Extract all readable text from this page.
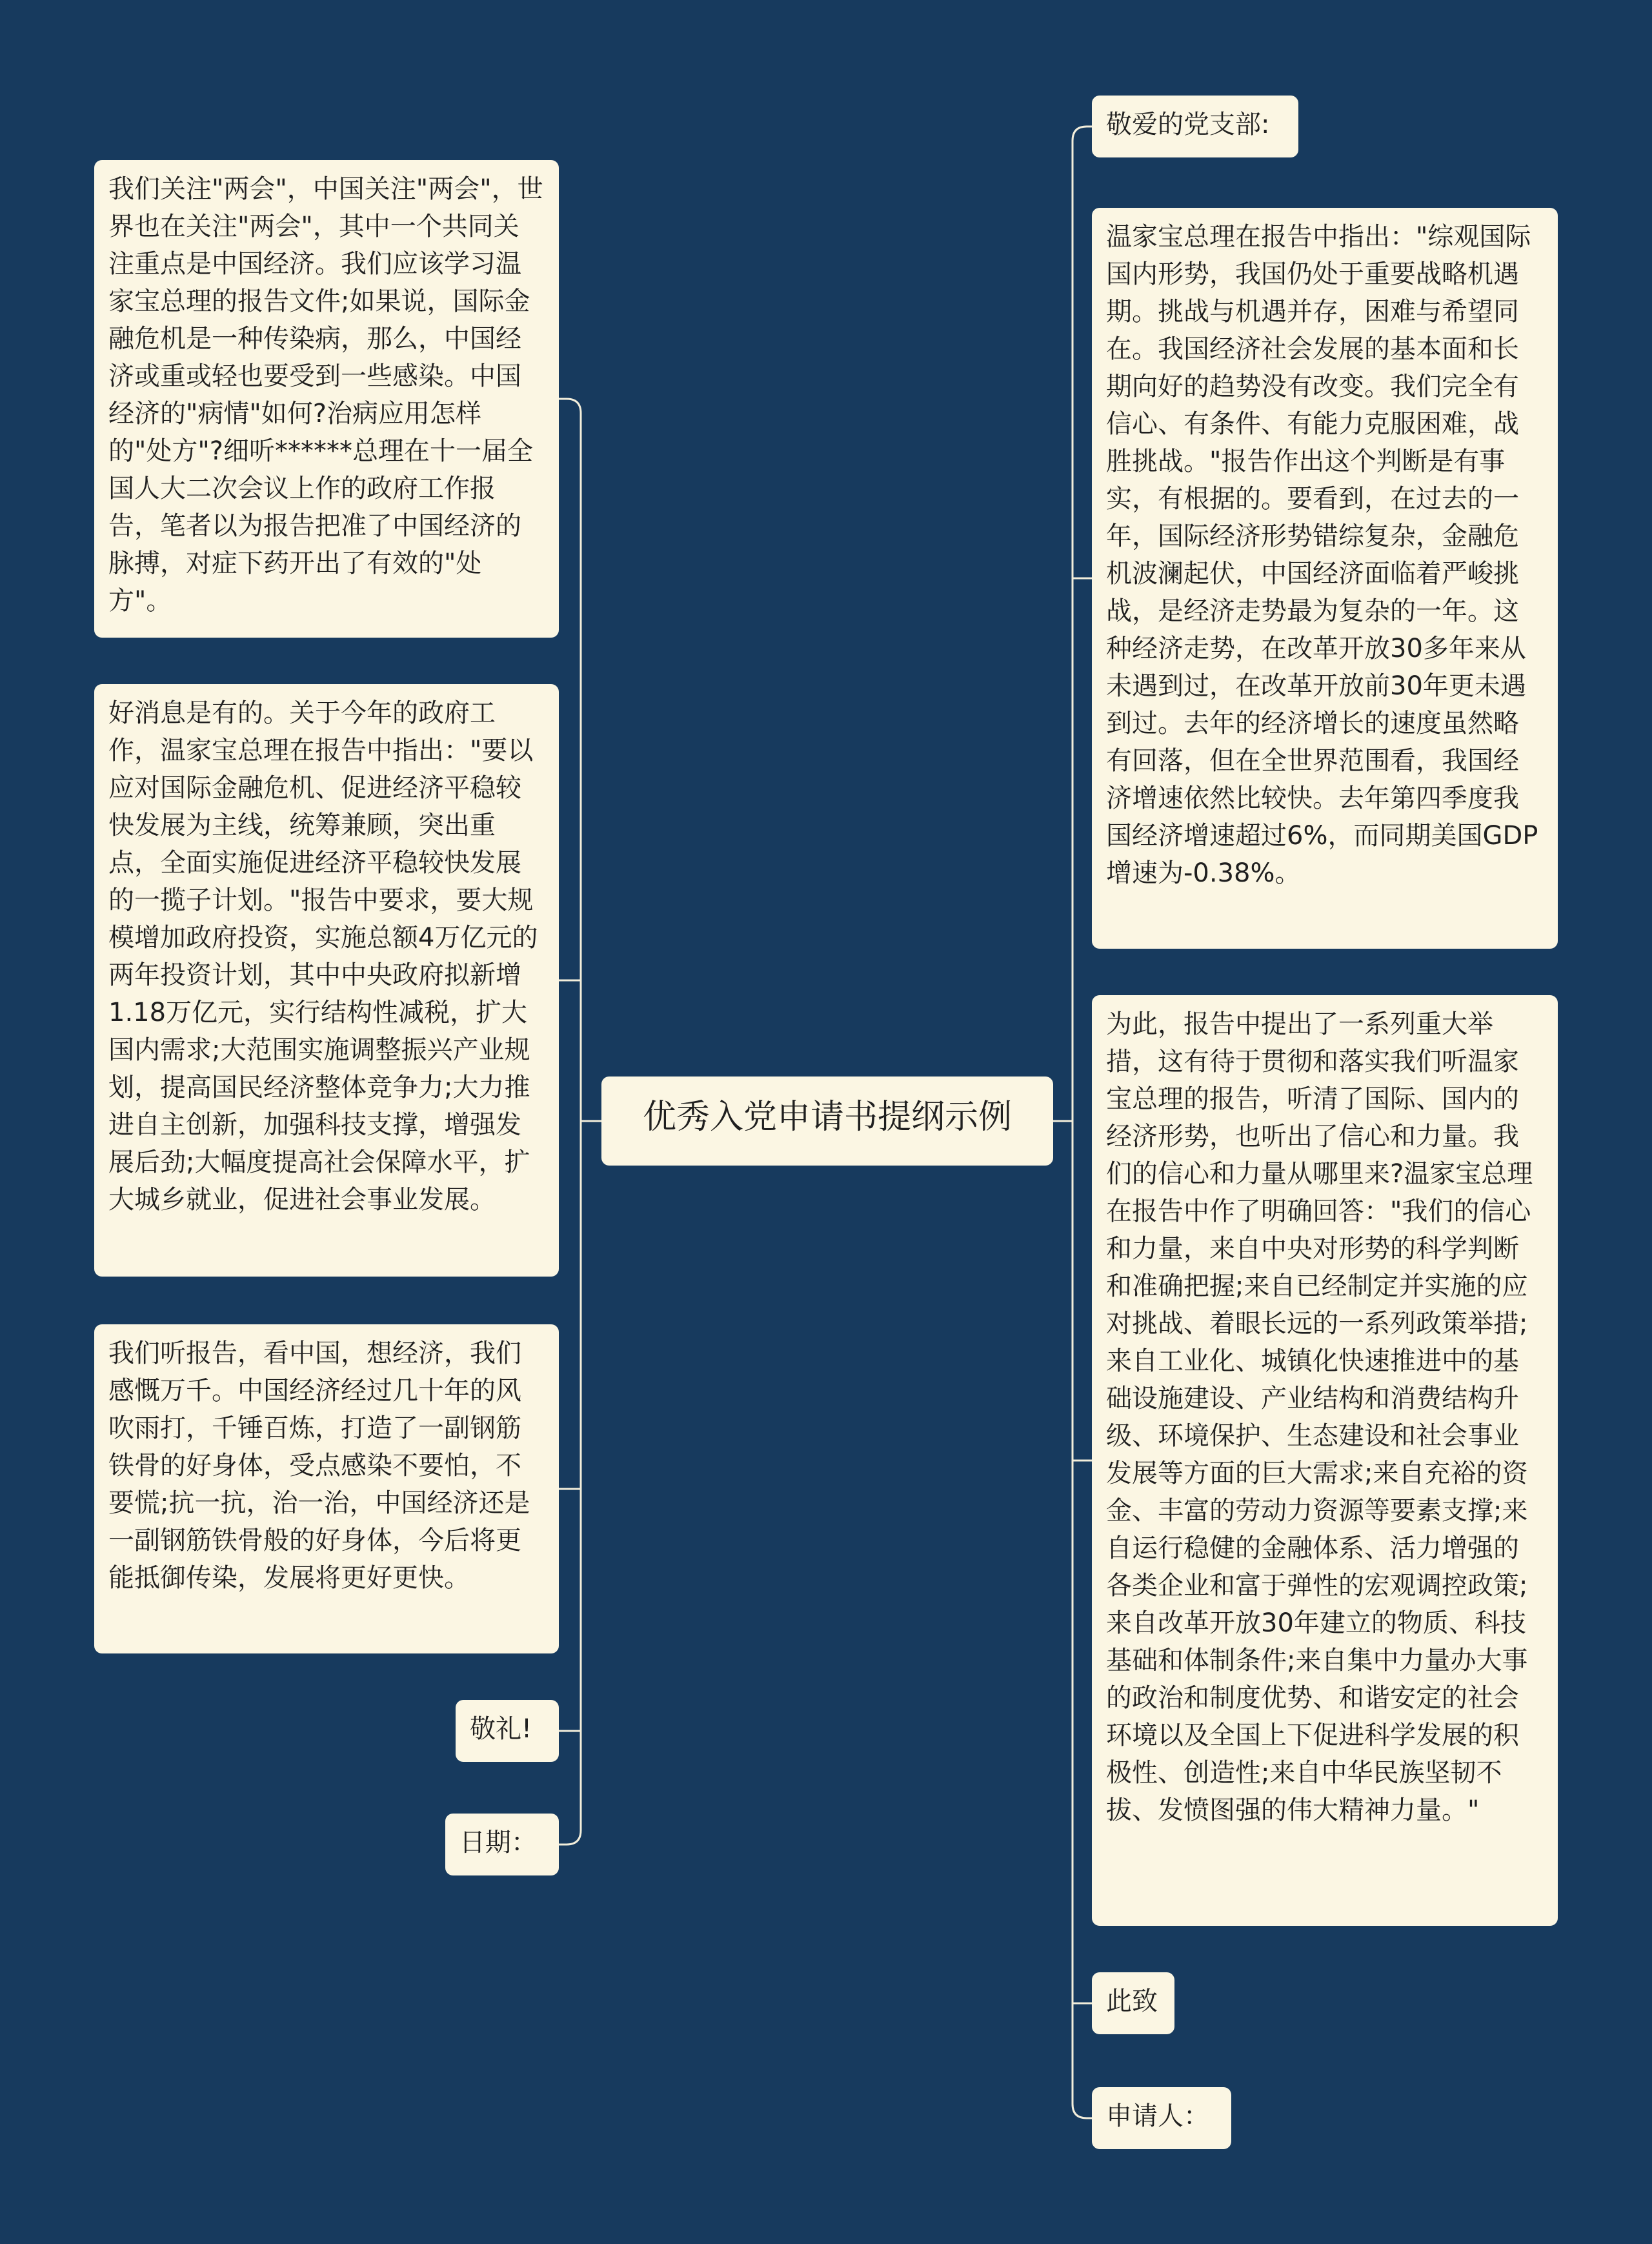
优秀入党申请书提纲示例
我们关注"两会"，中国关注"两会"，世界也在关注"两会"，其中一个共同关注重点是中国经济。我们应该学习温家宝总理的报告文件;如果说，国际金融危机是一种传染病，那么，中国经济或重或轻也要受到一些感染。中国经济的"病情"如何?治病应用怎样的"处方"?细听******总理在十一届全国人大二次会议上作的政府工作报告，笔者以为报告把准了中国经济的脉搏，对症下药开出了有效的"处方"。
好消息是有的。关于今年的政府工作，温家宝总理在报告中指出："要以应对国际金融危机、促进经济平稳较快发展为主线，统筹兼顾，突出重点，全面实施促进经济平稳较快发展的一揽子计划。"报告中要求，要大规模增加政府投资，实施总额4万亿元的两年投资计划，其中中央政府拟新增1.18万亿元，实行结构性减税，扩大国内需求;大范围实施调整振兴产业规划，提高国民经济整体竞争力;大力推进自主创新，加强科技支撑，增强发展后劲;大幅度提高社会保障水平，扩大城乡就业，促进社会事业发展。
我们听报告，看中国，想经济，我们感慨万千。中国经济经过几十年的风吹雨打，千锤百炼，打造了一副钢筋铁骨的好身体，受点感染不要怕，不要慌;抗一抗，治一治，中国经济还是一副钢筋铁骨般的好身体，今后将更能抵御传染，发展将更好更快。
敬礼!
日期：
敬爱的党支部:
温家宝总理在报告中指出："综观国际国内形势，我国仍处于重要战略机遇期。挑战与机遇并存，困难与希望同在。我国经济社会发展的基本面和长期向好的趋势没有改变。我们完全有信心、有条件、有能力克服困难，战胜挑战。"报告作出这个判断是有事实，有根据的。要看到，在过去的一年，国际经济形势错综复杂，金融危机波澜起伏，中国经济面临着严峻挑战，是经济走势最为复杂的一年。这种经济走势，在改革开放30多年来从未遇到过，在改革开放前30年更未遇到过。去年的经济增长的速度虽然略有回落，但在全世界范围看，我国经济增速依然比较快。去年第四季度我国经济增速超过6%，而同期美国GDP增速为-0.38%。
为此，报告中提出了一系列重大举措，这有待于贯彻和落实我们听温家宝总理的报告，听清了国际、国内的经济形势，也听出了信心和力量。我们的信心和力量从哪里来?温家宝总理在报告中作了明确回答："我们的信心和力量，来自中央对形势的科学判断和准确把握;来自已经制定并实施的应对挑战、着眼长远的一系列政策举措;来自工业化、城镇化快速推进中的基础设施建设、产业结构和消费结构升级、环境保护、生态建设和社会事业发展等方面的巨大需求;来自充裕的资金、丰富的劳动力资源等要素支撑;来自运行稳健的金融体系、活力增强的各类企业和富于弹性的宏观调控政策;来自改革开放30年建立的物质、科技基础和体制条件;来自集中力量办大事的政治和制度优势、和谐安定的社会环境以及全国上下促进科学发展的积极性、创造性;来自中华民族坚韧不拔、发愤图强的伟大精神力量。"
此致
申请人：
